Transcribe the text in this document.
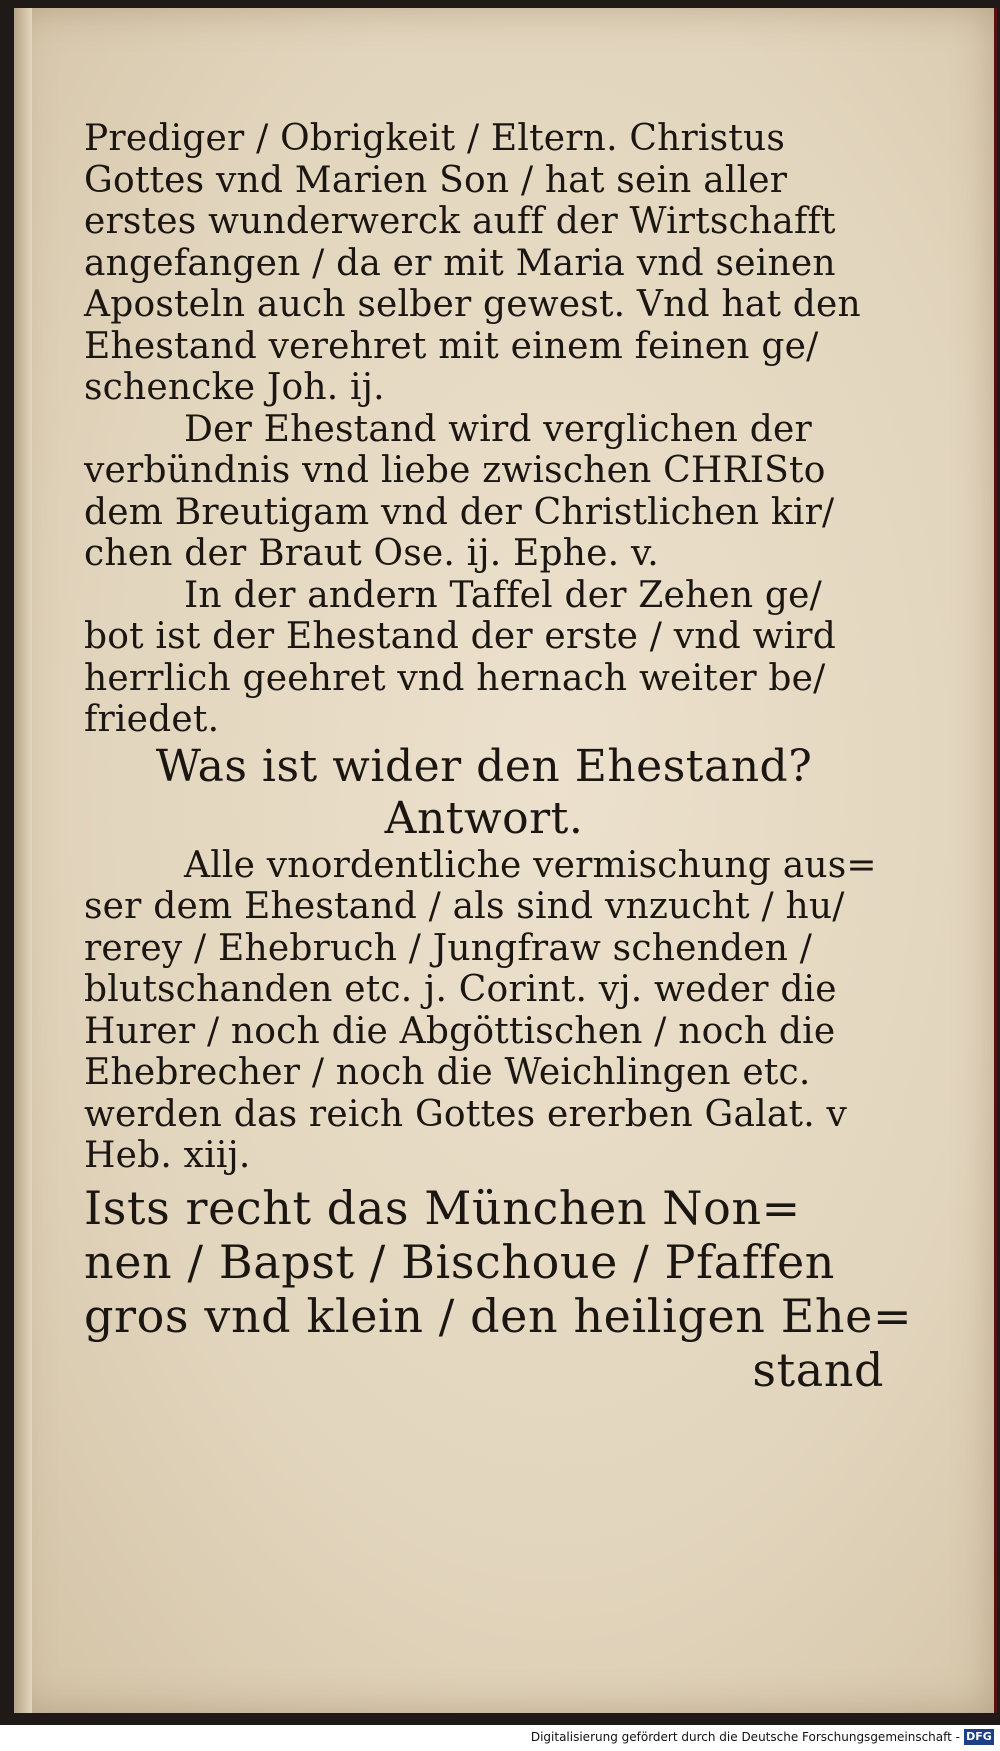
Prediger / Obrigkeit / Eltern. Christus
Gottes vnd Marien Son / hat sein aller
erstes wunderwerck auff der Wirtschafft
angefangen / da er mit Maria vnd seinen
Aposteln auch selber gewest. Vnd hat den
Ehestand verehret mit einem feinen ge/
schencke Joh. ij.
Der Ehestand wird verglichen der
verbündnis vnd liebe zwischen CHRISto
dem Breutigam vnd der Christlichen kir/
chen der Braut Ose. ij. Ephe. v.
In der andern Taffel der Zehen ge/
bot ist der Ehestand der erste / vnd wird
herrlich geehret vnd hernach weiter be/
friedet.
Was ist wider den Ehestand?
Antwort.
Alle vnordentliche vermischung aus=
ser dem Ehestand / als sind vnzucht / hu/
rerey / Ehebruch / Jungfraw schenden /
blutschanden etc. j. Corint. vj. weder die
Hurer / noch die Abgöttischen / noch die
Ehebrecher / noch die Weichlingen etc.
werden das reich Gottes ererben Galat. v
Heb. xiij.
Ists recht das München Non=
nen / Bapst / Bischoue / Pfaffen
gros vnd klein / den heiligen Ehe=
stand
Digitalisierung gefördert durch die Deutsche Forschungsgemeinschaft - DFG
